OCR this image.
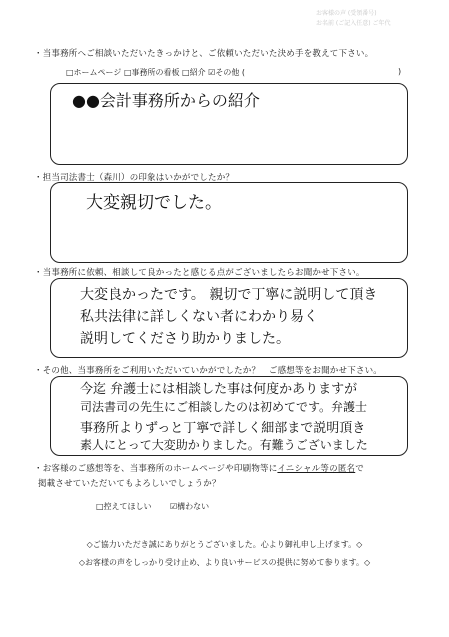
お客様の声 (受領番号)
お名前 (ご記入任意) ご年代
・当事務所へご相談いただいたきっかけと、ご依頼いただいた決め手を教えて下さい。
□ホームページ □事務所の看板 □紹介 ☑その他 (	)
●●会計事務所からの紹介
・担当司法書士（森川）の印象はいかがでしたか？
大変親切でした。
・当事務所に依頼、相談して良かったと感じる点がございましたらお聞かせ下さい。
大変良かったです。 親切で丁寧に説明して頂き
私共法律に詳しくない者にわかり易く
説明してくださり助かりました。
・その他、当事務所をご利用いただいていかがでしたか？　ご感想等をお聞かせ下さい。
今迄 弁護士には相談した事は何度かありますが
司法書司の先生にご相談したのは初めてです。弁護士
事務所よりずっと丁寧で詳しく細部まで説明頂き
素人にとって大変助かりました。有難うございました
・お客様のご感想等を、当事務所のホームページや印刷物等にイニシャル等の匿名で
掲載させていただいてもよろしいでしょうか？
□控えてほしい ☑構わない
◇ご協力いただき誠にありがとうございました。心より御礼申し上げます。◇
◇お客様の声をしっかり受け止め、より良いサービスの提供に努めて参ります。◇
